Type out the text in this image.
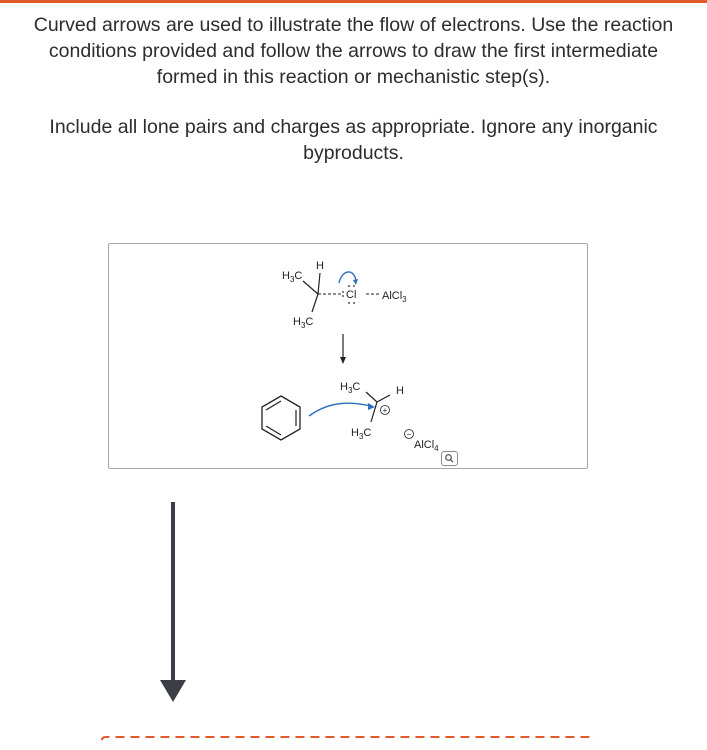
Curved arrows are used to illustrate the flow of electrons. Use the reaction
conditions provided and follow the arrows to draw the first intermediate
formed in this reaction or mechanistic step(s).

Include all lone pairs and charges as appropriate. Ignore any inorganic
byproducts.

$H_3C$
H
$H_3C$
Cl AlCl$_3$
$H_3C$	H
$H_3C$
+
−
AlCl$_4$
